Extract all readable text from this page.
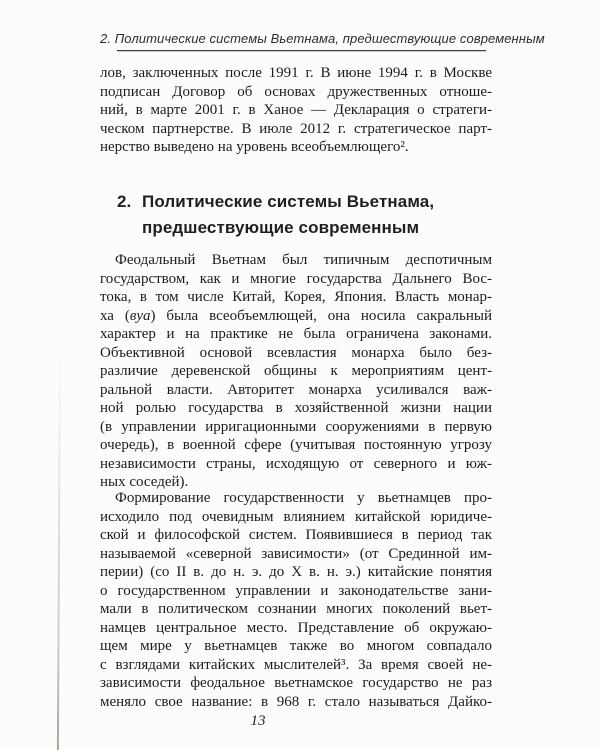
2. Политические системы Вьетнама, предшествующие современным
лов, заключенных после 1991 г. В июне 1994 г. в Москве
подписан Договор об основах дружественных отноше-
ний, в марте 2001 г. в Ханое — Декларация о стратеги-
ческом партнерстве. В июле 2012 г. стратегическое парт-
нерство выведено на уровень всеобъемлющего².
2. Политические системы Вьетнама,
предшествующие современным
Феодальный Вьетнам был типичным деспотичным
государством, как и многие государства Дальнего Вос-
тока, в том числе Китай, Корея, Япония. Власть монар-
ха (вуа) была всеобъемлющей, она носила сакральный
характер и на практике не была ограничена законами.
Объективной основой всевластия монарха было без-
различие деревенской общины к мероприятиям цент-
ральной власти. Авторитет монарха усиливался важ-
ной ролью государства в хозяйственной жизни нации
(в управлении ирригационными сооружениями в первую
очередь), в военной сфере (учитывая постоянную угрозу
независимости страны, исходящую от северного и юж-
ных соседей).
Формирование государственности у вьетнамцев про-
исходило под очевидным влиянием китайской юридиче-
ской и философской систем. Появившиеся в период так
называемой «северной зависимости» (от Срединной им-
перии) (со II в. до н. э. до X в. н. э.) китайские понятия
о государственном управлении и законодательстве зани-
мали в политическом сознании многих поколений вьет-
намцев центральное место. Представление об окружаю-
щем мире у вьетнамцев также во многом совпадало
с взглядами китайских мыслителей³. За время своей не-
зависимости феодальное вьетнамское государство не раз
меняло свое название: в 968 г. стало называться Дайко-
13
